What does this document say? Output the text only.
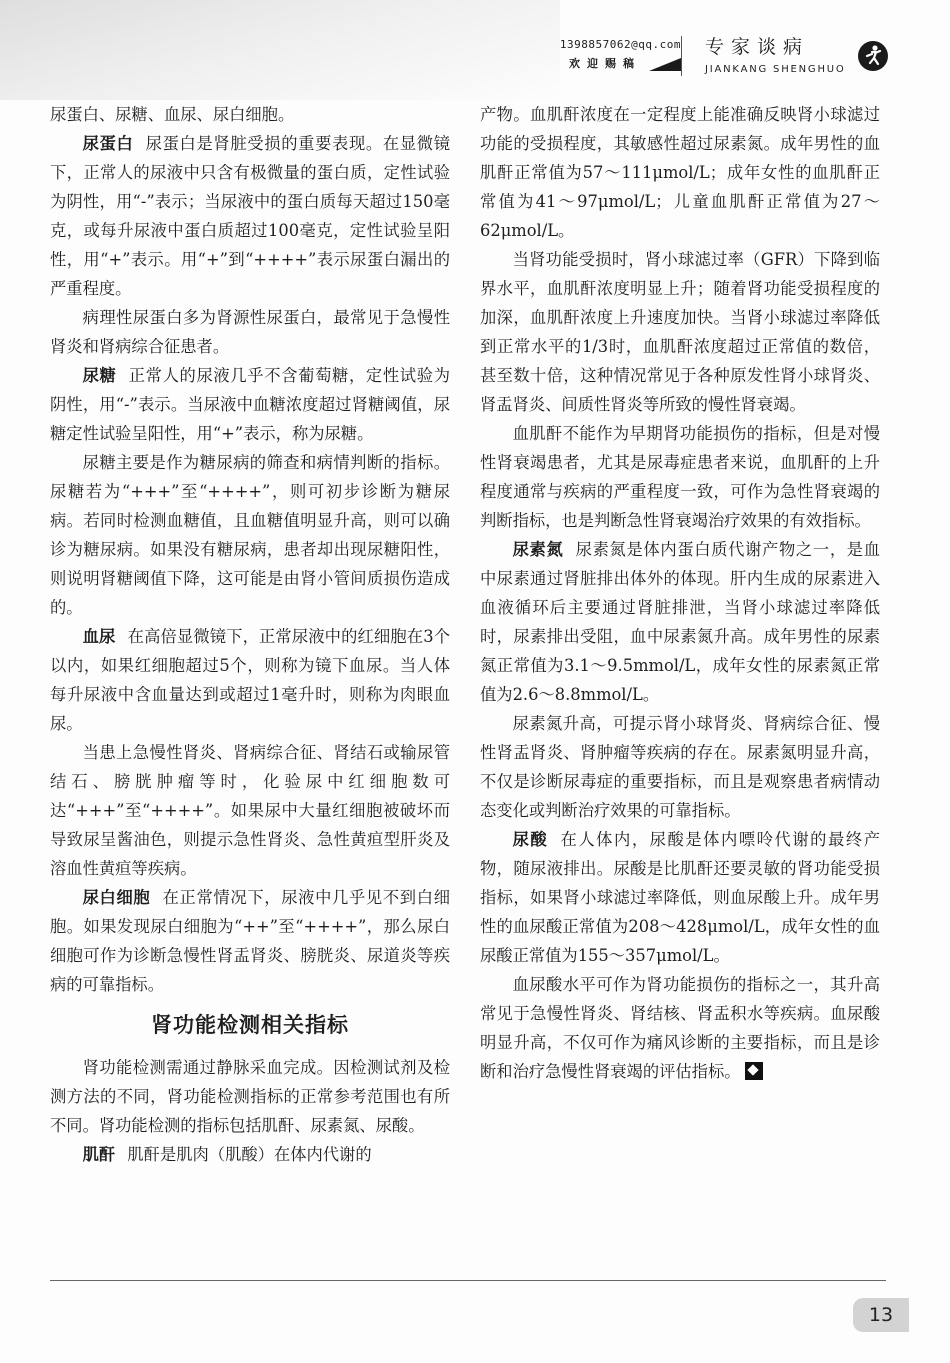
1398857062@qq.com
欢迎赐稿
专家谈病
JIANKANG SHENGHUO

尿蛋白、尿糖、血尿、尿白细胞。

尿蛋白 尿蛋白是肾脏受损的重要表现。在显微镜下，正常人的尿液中只含有极微量的蛋白质，定性试验为阴性，用“-”表示；当尿液中的蛋白质每天超过150毫克，或每升尿液中蛋白质超过100毫克，定性试验呈阳性，用“+”表示。用“+”到“++++”表示尿蛋白漏出的严重程度。

病理性尿蛋白多为肾源性尿蛋白，最常见于急慢性肾炎和肾病综合征患者。

尿糖 正常人的尿液几乎不含葡萄糖，定性试验为阴性，用“-”表示。当尿液中血糖浓度超过肾糖阈值，尿糖定性试验呈阳性，用“+”表示，称为尿糖。

尿糖主要是作为糖尿病的筛查和病情判断的指标。尿糖若为“+++”至“++++”，则可初步诊断为糖尿病。若同时检测血糖值，且血糖值明显升高，则可以确诊为糖尿病。如果没有糖尿病，患者却出现尿糖阳性，则说明肾糖阈值下降，这可能是由肾小管间质损伤造成的。

血尿 在高倍显微镜下，正常尿液中的红细胞在3个以内，如果红细胞超过5个，则称为镜下血尿。当人体每升尿液中含血量达到或超过1毫升时，则称为肉眼血尿。

当患上急慢性肾炎、肾病综合征、肾结石或输尿管结石、膀胱肿瘤等时，化验尿中红细胞数可达“+++”至“++++”。如果尿中大量红细胞被破坏而导致尿呈酱油色，则提示急性肾炎、急性黄疸型肝炎及溶血性黄疸等疾病。

尿白细胞 在正常情况下，尿液中几乎见不到白细胞。如果发现尿白细胞为“++”至“++++”，那么尿白细胞可作为诊断急慢性肾盂肾炎、膀胱炎、尿道炎等疾病的可靠指标。

肾功能检测相关指标

肾功能检测需通过静脉采血完成。因检测试剂及检测方法的不同，肾功能检测指标的正常参考范围也有所不同。肾功能检测的指标包括肌酐、尿素氮、尿酸。

肌酐 肌酐是肌肉（肌酸）在体内代谢的

产物。血肌酐浓度在一定程度上能准确反映肾小球滤过功能的受损程度，其敏感性超过尿素氮。成年男性的血肌酐正常值为57～111μmol/L；成年女性的血肌酐正常值为41～97μmol/L；儿童血肌酐正常值为27～62μmol/L。

当肾功能受损时，肾小球滤过率（GFR）下降到临界水平，血肌酐浓度明显上升；随着肾功能受损程度的加深，血肌酐浓度上升速度加快。当肾小球滤过率降低到正常水平的1/3时，血肌酐浓度超过正常值的数倍，甚至数十倍，这种情况常见于各种原发性肾小球肾炎、肾盂肾炎、间质性肾炎等所致的慢性肾衰竭。

血肌酐不能作为早期肾功能损伤的指标，但是对慢性肾衰竭患者，尤其是尿毒症患者来说，血肌酐的上升程度通常与疾病的严重程度一致，可作为急性肾衰竭的判断指标，也是判断急性肾衰竭治疗效果的有效指标。

尿素氮 尿素氮是体内蛋白质代谢产物之一，是血中尿素通过肾脏排出体外的体现。肝内生成的尿素进入血液循环后主要通过肾脏排泄，当肾小球滤过率降低时，尿素排出受阻，血中尿素氮升高。成年男性的尿素氮正常值为3.1～9.5mmol/L，成年女性的尿素氮正常值为2.6～8.8mmol/L。

尿素氮升高，可提示肾小球肾炎、肾病综合征、慢性肾盂肾炎、肾肿瘤等疾病的存在。尿素氮明显升高，不仅是诊断尿毒症的重要指标，而且是观察患者病情动态变化或判断治疗效果的可靠指标。

尿酸 在人体内，尿酸是体内嘌呤代谢的最终产物，随尿液排出。尿酸是比肌酐还要灵敏的肾功能受损指标，如果肾小球滤过率降低，则血尿酸上升。成年男性的血尿酸正常值为208～428μmol/L，成年女性的血尿酸正常值为155～357μmol/L。

血尿酸水平可作为肾功能损伤的指标之一，其升高常见于急慢性肾炎、肾结核、肾盂积水等疾病。血尿酸明显升高，不仅可作为痛风诊断的主要指标，而且是诊断和治疗急慢性肾衰竭的评估指标。

13
